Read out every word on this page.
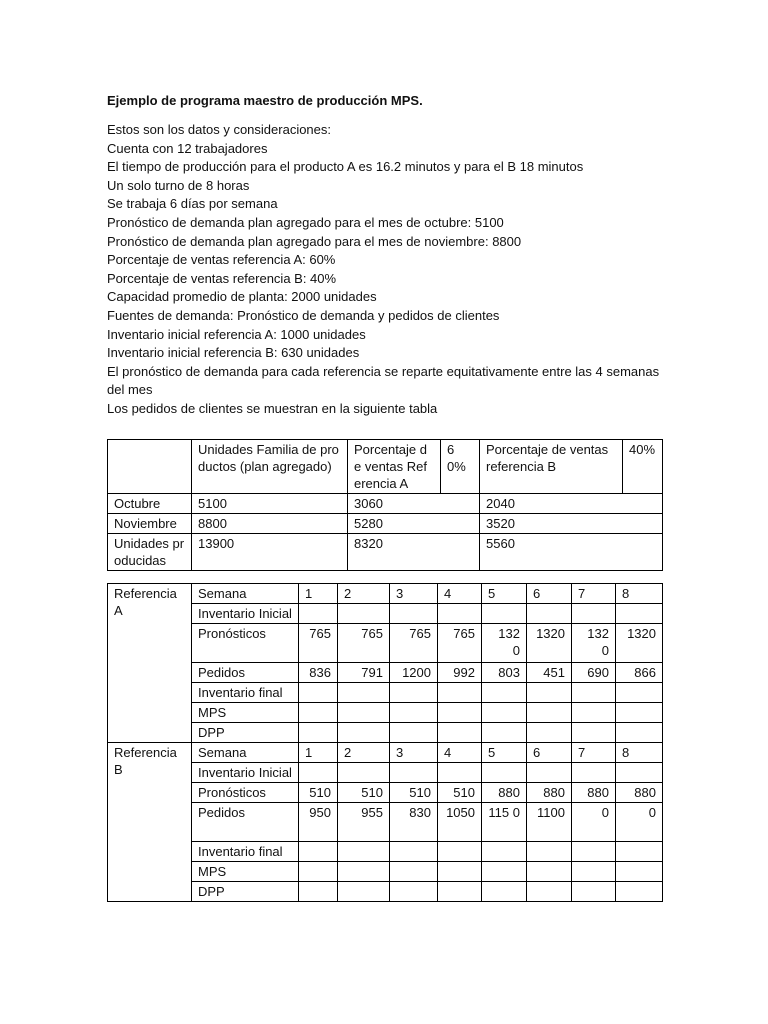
Ejemplo de programa maestro de producción MPS.
Estos son los datos y consideraciones:
Cuenta con 12 trabajadores
El tiempo de producción para el producto A es 16.2 minutos y para el B 18 minutos
Un solo turno de 8 horas
Se trabaja 6 días por semana
Pronóstico de demanda plan agregado para el mes de octubre: 5100
Pronóstico de demanda plan agregado para el mes de noviembre: 8800
Porcentaje de ventas referencia A: 60%
Porcentaje de ventas referencia B: 40%
Capacidad promedio de planta: 2000 unidades
Fuentes de demanda: Pronóstico de demanda y pedidos de clientes
Inventario inicial referencia A: 1000 unidades
Inventario inicial referencia B: 630 unidades
El pronóstico de demanda para cada referencia se reparte equitativamente entre las 4 semanas del mes
Los pedidos de clientes se muestran en la siguiente tabla
	Unidades Familia de productos (plan agregado)	Porcentaje de ventas Referencia A	60%	Porcentaje de ventas referencia B	40%
Octubre	5100	3060		2040	
Noviembre	8800	5280		3520	
Unidades producidas	13900	8320		5560	
Referencia A	Semana	1	2	3	4	5	6	7	8
	Inventario Inicial								
	Pronósticos	765	765	765	765	132 0	1320	132 0	1320
	Pedidos	836	791	1200	992	803	451	690	866
	Inventario final								
	MPS								
	DPP								
Referencia B	Semana	1	2	3	4	5	6	7	8
	Inventario Inicial								
	Pronósticos	510	510	510	510	880	880	880	880
	Pedidos	950	955	830	1050	115 0	1100	0	0
	Inventario final								
	MPS								
	DPP								
